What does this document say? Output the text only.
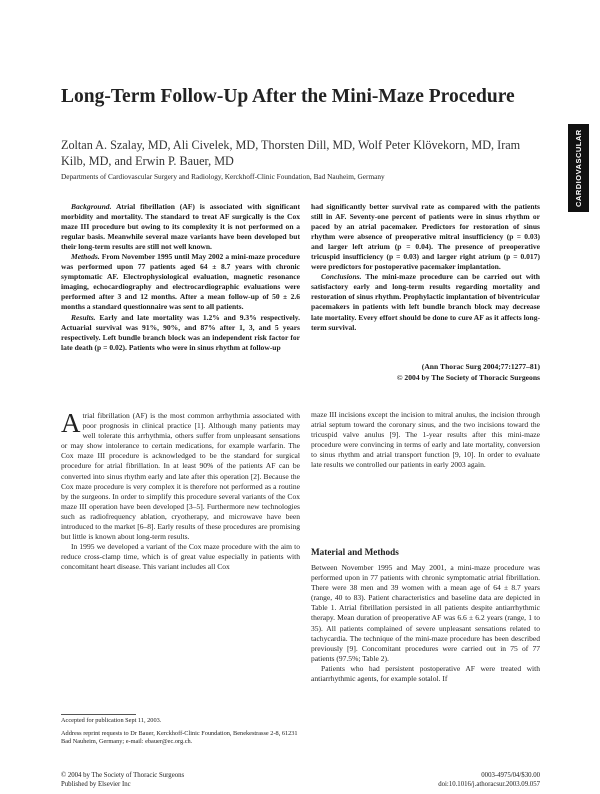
Long-Term Follow-Up After the Mini-Maze Procedure
Zoltan A. Szalay, MD, Ali Civelek, MD, Thorsten Dill, MD, Wolf Peter Klövekorn, MD, Iram Kilb, MD, and Erwin P. Bauer, MD
Departments of Cardiovascular Surgery and Radiology, Kerckhoff-Clinic Foundation, Bad Nauheim, Germany	CARDIOVASCULAR

Background. Atrial fibrillation (AF) is associated with significant morbidity and mortality. The standard to treat AF surgically is the Cox maze III procedure but owing to its complexity it is not performed on a regular basis. Meanwhile several maze variants have been developed but their long-term results are still not well known.

Methods. From November 1995 until May 2002 a mini-maze procedure was performed upon 77 patients aged 64 ± 8.7 years with chronic symptomatic AF. Electrophysiological evaluation, magnetic resonance imaging, echocardiography and electrocardiographic evaluations were performed after 3 and 12 months. After a mean follow-up of 50 ± 2.6 months a standard questionnaire was sent to all patients.

Results. Early and late mortality was 1.2% and 9.3% respectively. Actuarial survival was 91%, 90%, and 87% after 1, 3, and 5 years respectively. Left bundle branch block was an independent risk factor for late death (p = 0.02). Patients who were in sinus rhythm at follow-up

had significantly better survival rate as compared with the patients still in AF. Seventy-one percent of patients were in sinus rhythm or paced by an atrial pacemaker. Predictors for restoration of sinus rhythm were absence of preoperative mitral insufficiency (p = 0.03) and larger left atrium (p = 0.04). The presence of preoperative tricuspid insufficiency (p = 0.03) and larger right atrium (p = 0.017) were predictors for postoperative pacemaker implantation.

Conclusions. The mini-maze procedure can be carried out with satisfactory early and long-term results regarding mortality and restoration of sinus rhythm. Prophylactic implantation of biventricular pacemakers in patients with left bundle branch block may decrease late mortality. Every effort should be done to cure AF as it affects long-term survival.

(Ann Thorac Surg 2004;77:1277–81)
© 2004 by The Society of Thoracic Surgeons

Atrial fibrillation (AF) is the most common arrhythmia associated with poor prognosis in clinical practice [1]. Although many patients may well tolerate this arrhythmia, others suffer from unpleasant sensations or may show intolerance to certain medications, for example warfarin. The Cox maze III procedure is acknowledged to be the standard for surgical procedure for atrial fibrillation. In at least 90% of the patients AF can be converted into sinus rhythm early and late after this operation [2]. Because the Cox maze procedure is very complex it is therefore not performed as a routine by the surgeons. In order to simplify this procedure several variants of the Cox maze III operation have been developed [3–5]. Furthermore new technologies such as radiofrequency ablation, cryotherapy, and microwave have been introduced to the market [6–8]. Early results of these procedures are promising but little is known about long-term results.

In 1995 we developed a variant of the Cox maze procedure with the aim to reduce cross-clamp time, which is of great value especially in patients with concomitant heart disease. This variant includes all Cox

maze III incisions except the incision to mitral anulus, the incision through atrial septum toward the coronary sinus, and the two incisions toward the tricuspid valve anulus [9]. The 1-year results after this mini-maze procedure were convincing in terms of early and late mortality, conversion to sinus rhythm and atrial transport function [9, 10]. In order to evaluate late results we controlled our patients in early 2003 again.

Material and Methods

Between November 1995 and May 2001, a mini-maze procedure was performed upon in 77 patients with chronic symptomatic atrial fibrillation. There were 38 men and 39 women with a mean age of 64 ± 8.7 years (range, 40 to 83). Patient characteristics and baseline data are depicted in Table 1. Atrial fibrillation persisted in all patients despite antiarrhythmic therapy. Mean duration of preoperative AF was 6.6 ± 6.2 years (range, 1 to 35). All patients complained of severe unpleasant sensations related to tachycardia. The technique of the mini-maze procedure has been described previously [9]. Concomitant procedures were carried out in 75 of 77 patients (97.5%; Table 2).

Patients who had persistent postoperative AF were treated with antiarrhythmic agents, for example sotalol. If

Accepted for publication Sept 11, 2003.
Address reprint requests to Dr Bauer, Kerckhoff-Clinic Foundation, Benekestrasse 2-8, 61231 Bad Nauheim, Germany; e-mail: ebauer@ec.org.ch.
© 2004 by The Society of Thoracic Surgeons
Published by Elsevier Inc
0003-4975/04/$30.00
doi:10.1016/j.athoracsur.2003.09.057
